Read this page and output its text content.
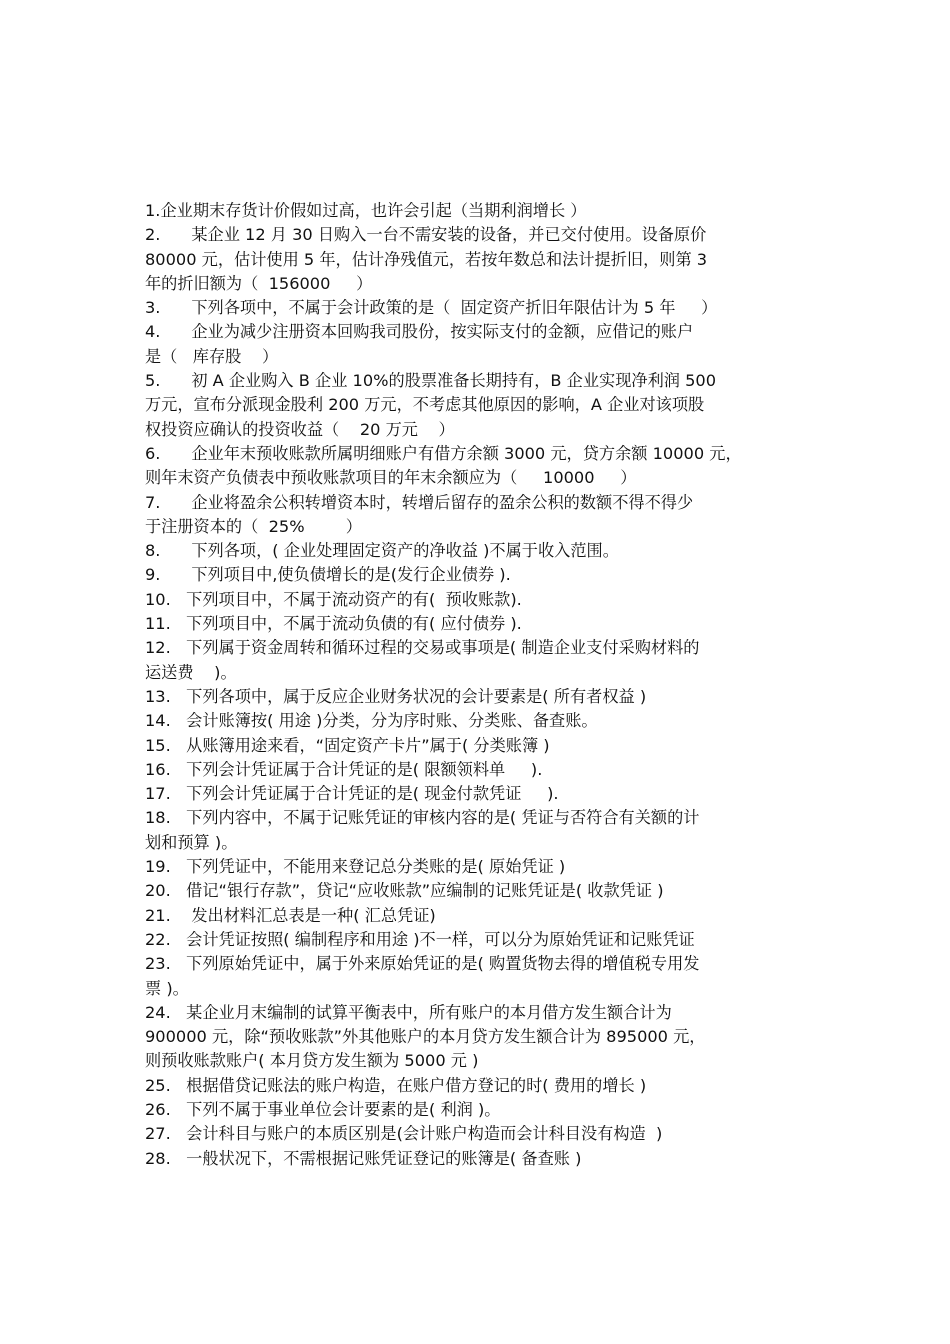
1.企业期末存货计价假如过高，也许会引起（当期利润增长 ）
2.      某企业 12 月 30 日购入一台不需安装的设备，并已交付使用。设备原价
80000 元，估计使用 5 年，估计净残值元，若按年数总和法计提折旧，则第 3
年的折旧额为（  156000     ）
3.      下列各项中，不属于会计政策的是（  固定资产折旧年限估计为 5 年     ）
4.      企业为减少注册资本回购我司股份，按实际支付的金额，应借记的账户
是（   库存股    ）
5.      初 A 企业购入 B 企业 10%的股票准备长期持有，B 企业实现净利润 500
万元，宣布分派现金股利 200 万元，不考虑其他原因的影响，A 企业对该项股
权投资应确认的投资收益（    20 万元    ）
6.      企业年末预收账款所属明细账户有借方余额 3000 元，贷方余额 10000 元，
则年末资产负债表中预收账款项目的年末余额应为（     10000     ）
7.      企业将盈余公积转增资本时，转增后留存的盈余公积的数额不得不得少
于注册资本的（  25%        ）
8.      下列各项，( 企业处理固定资产的净收益 )不属于收入范围。
9.      下列项目中,使负债增长的是(发行企业债券 ).
10.   下列项目中，不属于流动资产的有(  预收账款).
11.   下列项目中，不属于流动负债的有( 应付债券 ).
12.   下列属于资金周转和循环过程的交易或事项是( 制造企业支付采购材料的
运送费    )。
13.   下列各项中，属于反应企业财务状况的会计要素是( 所有者权益 )
14.   会计账簿按( 用途 )分类，分为序时账、分类账、备查账。
15.   从账簿用途来看，“固定资产卡片”属于( 分类账簿 )
16.   下列会计凭证属于合计凭证的是( 限额领料单     ).
17.   下列会计凭证属于合计凭证的是( 现金付款凭证     ).
18.   下列内容中，不属于记账凭证的审核内容的是( 凭证与否符合有关额的计
划和预算 )。
19.   下列凭证中，不能用来登记总分类账的是( 原始凭证 )
20.   借记“银行存款”，贷记“应收账款”应编制的记账凭证是( 收款凭证 )
21.    发出材料汇总表是一种( 汇总凭证)
22.   会计凭证按照( 编制程序和用途 )不一样，可以分为原始凭证和记账凭证
23.   下列原始凭证中，属于外来原始凭证的是( 购置货物去得的增值税专用发
票 )。
24.   某企业月末编制的试算平衡表中，所有账户的本月借方发生额合计为
900000 元，除“预收账款”外其他账户的本月贷方发生额合计为 895000 元，
则预收账款账户( 本月贷方发生额为 5000 元 )
25.   根据借贷记账法的账户构造，在账户借方登记的时( 费用的增长 )
26.   下列不属于事业单位会计要素的是( 利润 )。
27.   会计科目与账户的本质区别是(会计账户构造而会计科目没有构造  )
28.   一般状况下，不需根据记账凭证登记的账簿是( 备查账 )
